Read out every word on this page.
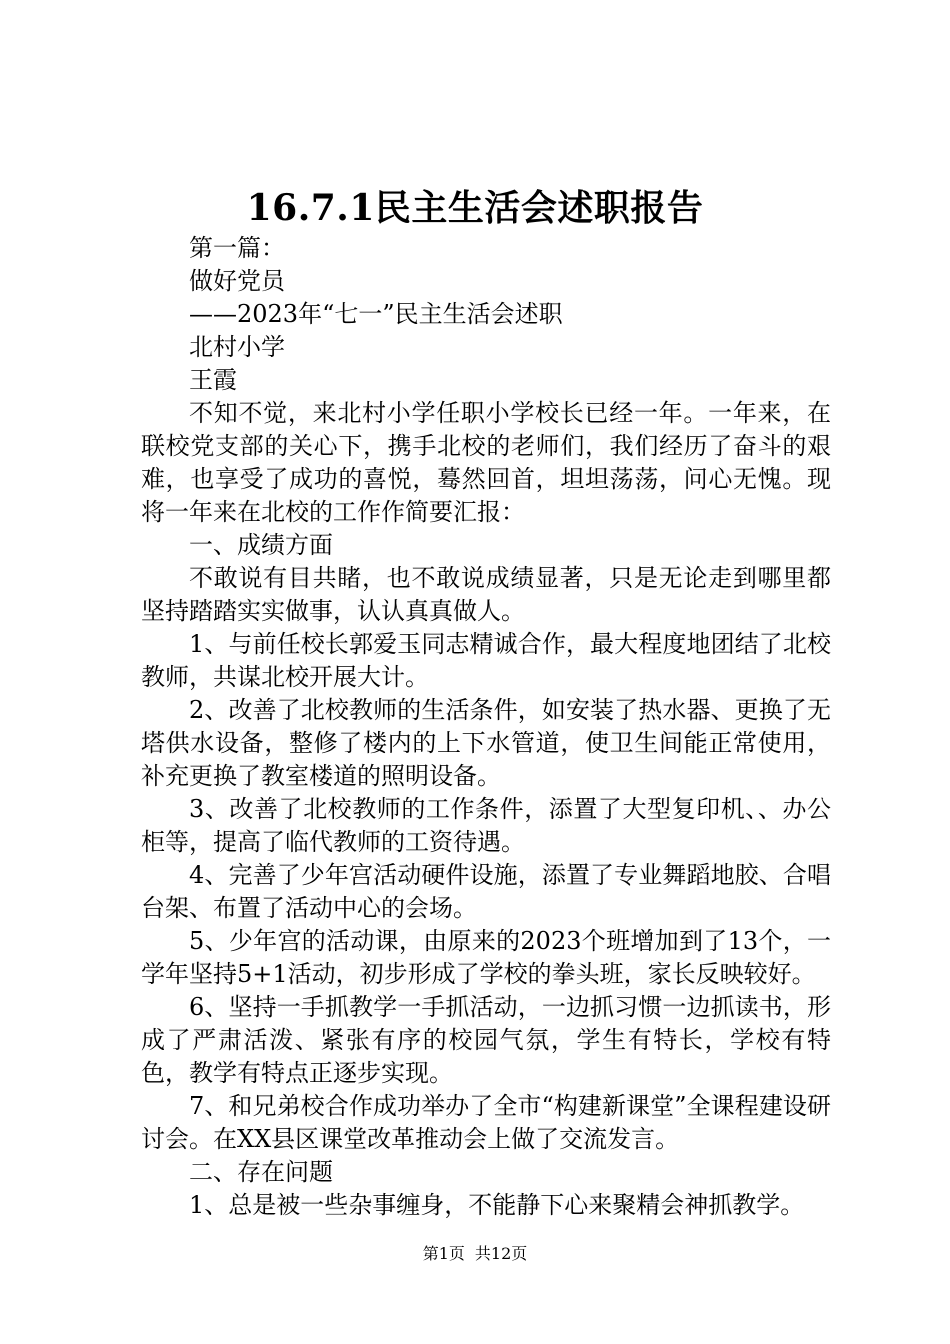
16.7.1民主生活会述职报告

第一篇：

做好党员

——2023年“七一”民主生活会述职

北村小学

王霞

不知不觉，来北村小学任职小学校长已经一年。一年来，在联校党支部的关心下，携手北校的老师们，我们经历了奋斗的艰难，也享受了成功的喜悦，蓦然回首，坦坦荡荡，问心无愧。现将一年来在北校的工作作简要汇报：

一、成绩方面

不敢说有目共睹，也不敢说成绩显著，只是无论走到哪里都坚持踏踏实实做事，认认真真做人。

1、与前任校长郭爱玉同志精诚合作，最大程度地团结了北校教师，共谋北校开展大计。

2、改善了北校教师的生活条件，如安装了热水器、更换了无塔供水设备，整修了楼内的上下水管道，使卫生间能正常使用，补充更换了教室楼道的照明设备。

3、改善了北校教师的工作条件，添置了大型复印机、、办公柜等，提高了临代教师的工资待遇。

4、完善了少年宫活动硬件设施，添置了专业舞蹈地胶、合唱台架、布置了活动中心的会场。

5、少年宫的活动课，由原来的2023个班增加到了13个，一学年坚持5+1活动，初步形成了学校的拳头班，家长反映较好。

6、坚持一手抓教学一手抓活动，一边抓习惯一边抓读书，形成了严肃活泼、紧张有序的校园气氛，学生有特长，学校有特色，教学有特点正逐步实现。

7、和兄弟校合作成功举办了全市“构建新课堂”全课程建设研讨会。在XX县区课堂改革推动会上做了交流发言。

二、存在问题

1、总是被一些杂事缠身，不能静下心来聚精会神抓教学。

第1页 共12页
